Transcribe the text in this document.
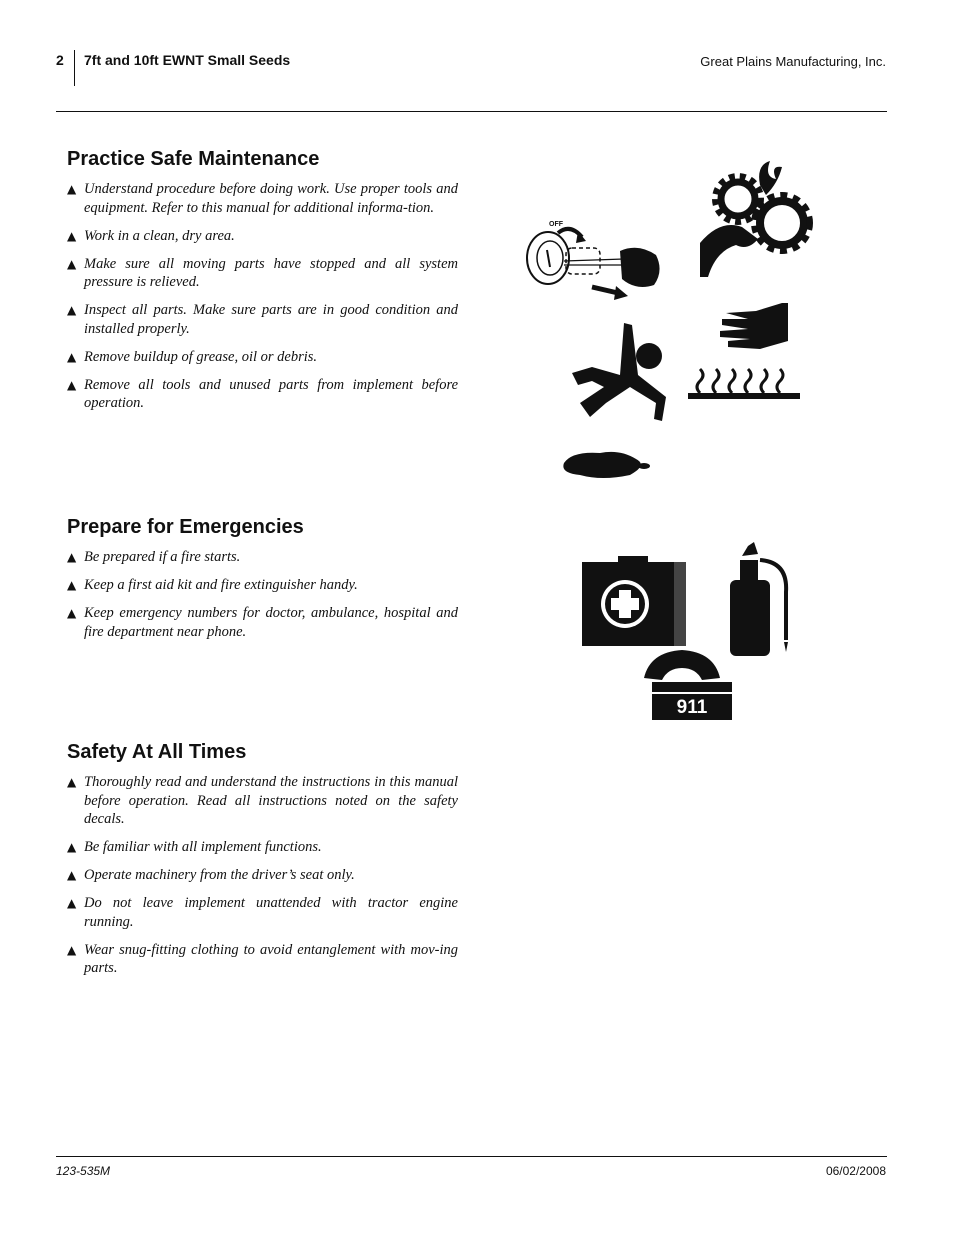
2 7ft and 10ft EWNT Small Seeds	Great Plains Manufacturing, Inc.
Practice Safe Maintenance
▲ Understand procedure before doing work. Use proper tools and equipment. Refer to this manual for additional informa-tion.
▲ Work in a clean, dry area.
▲ Make sure all moving parts have stopped and all system pressure is relieved.
▲ Inspect all parts. Make sure parts are in good condition and installed properly.
▲ Remove buildup of grease, oil or debris.
▲ Remove all tools and unused parts from implement before operation.
Prepare for Emergencies
▲ Be prepared if a fire starts.
▲ Keep a first aid kit and fire extinguisher handy.
▲ Keep emergency numbers for doctor, ambulance, hospital and fire department near phone.
Safety At All Times
▲ Thoroughly read and understand the instructions in this manual before operation. Read all instructions noted on the safety decals.
▲ Be familiar with all implement functions.
▲ Operate machinery from the driver’s seat only.
▲ Do not leave implement unattended with tractor engine running.
▲ Wear snug-fitting clothing to avoid entanglement with mov-ing parts.
OFF
911
123-535M	06/02/2008
